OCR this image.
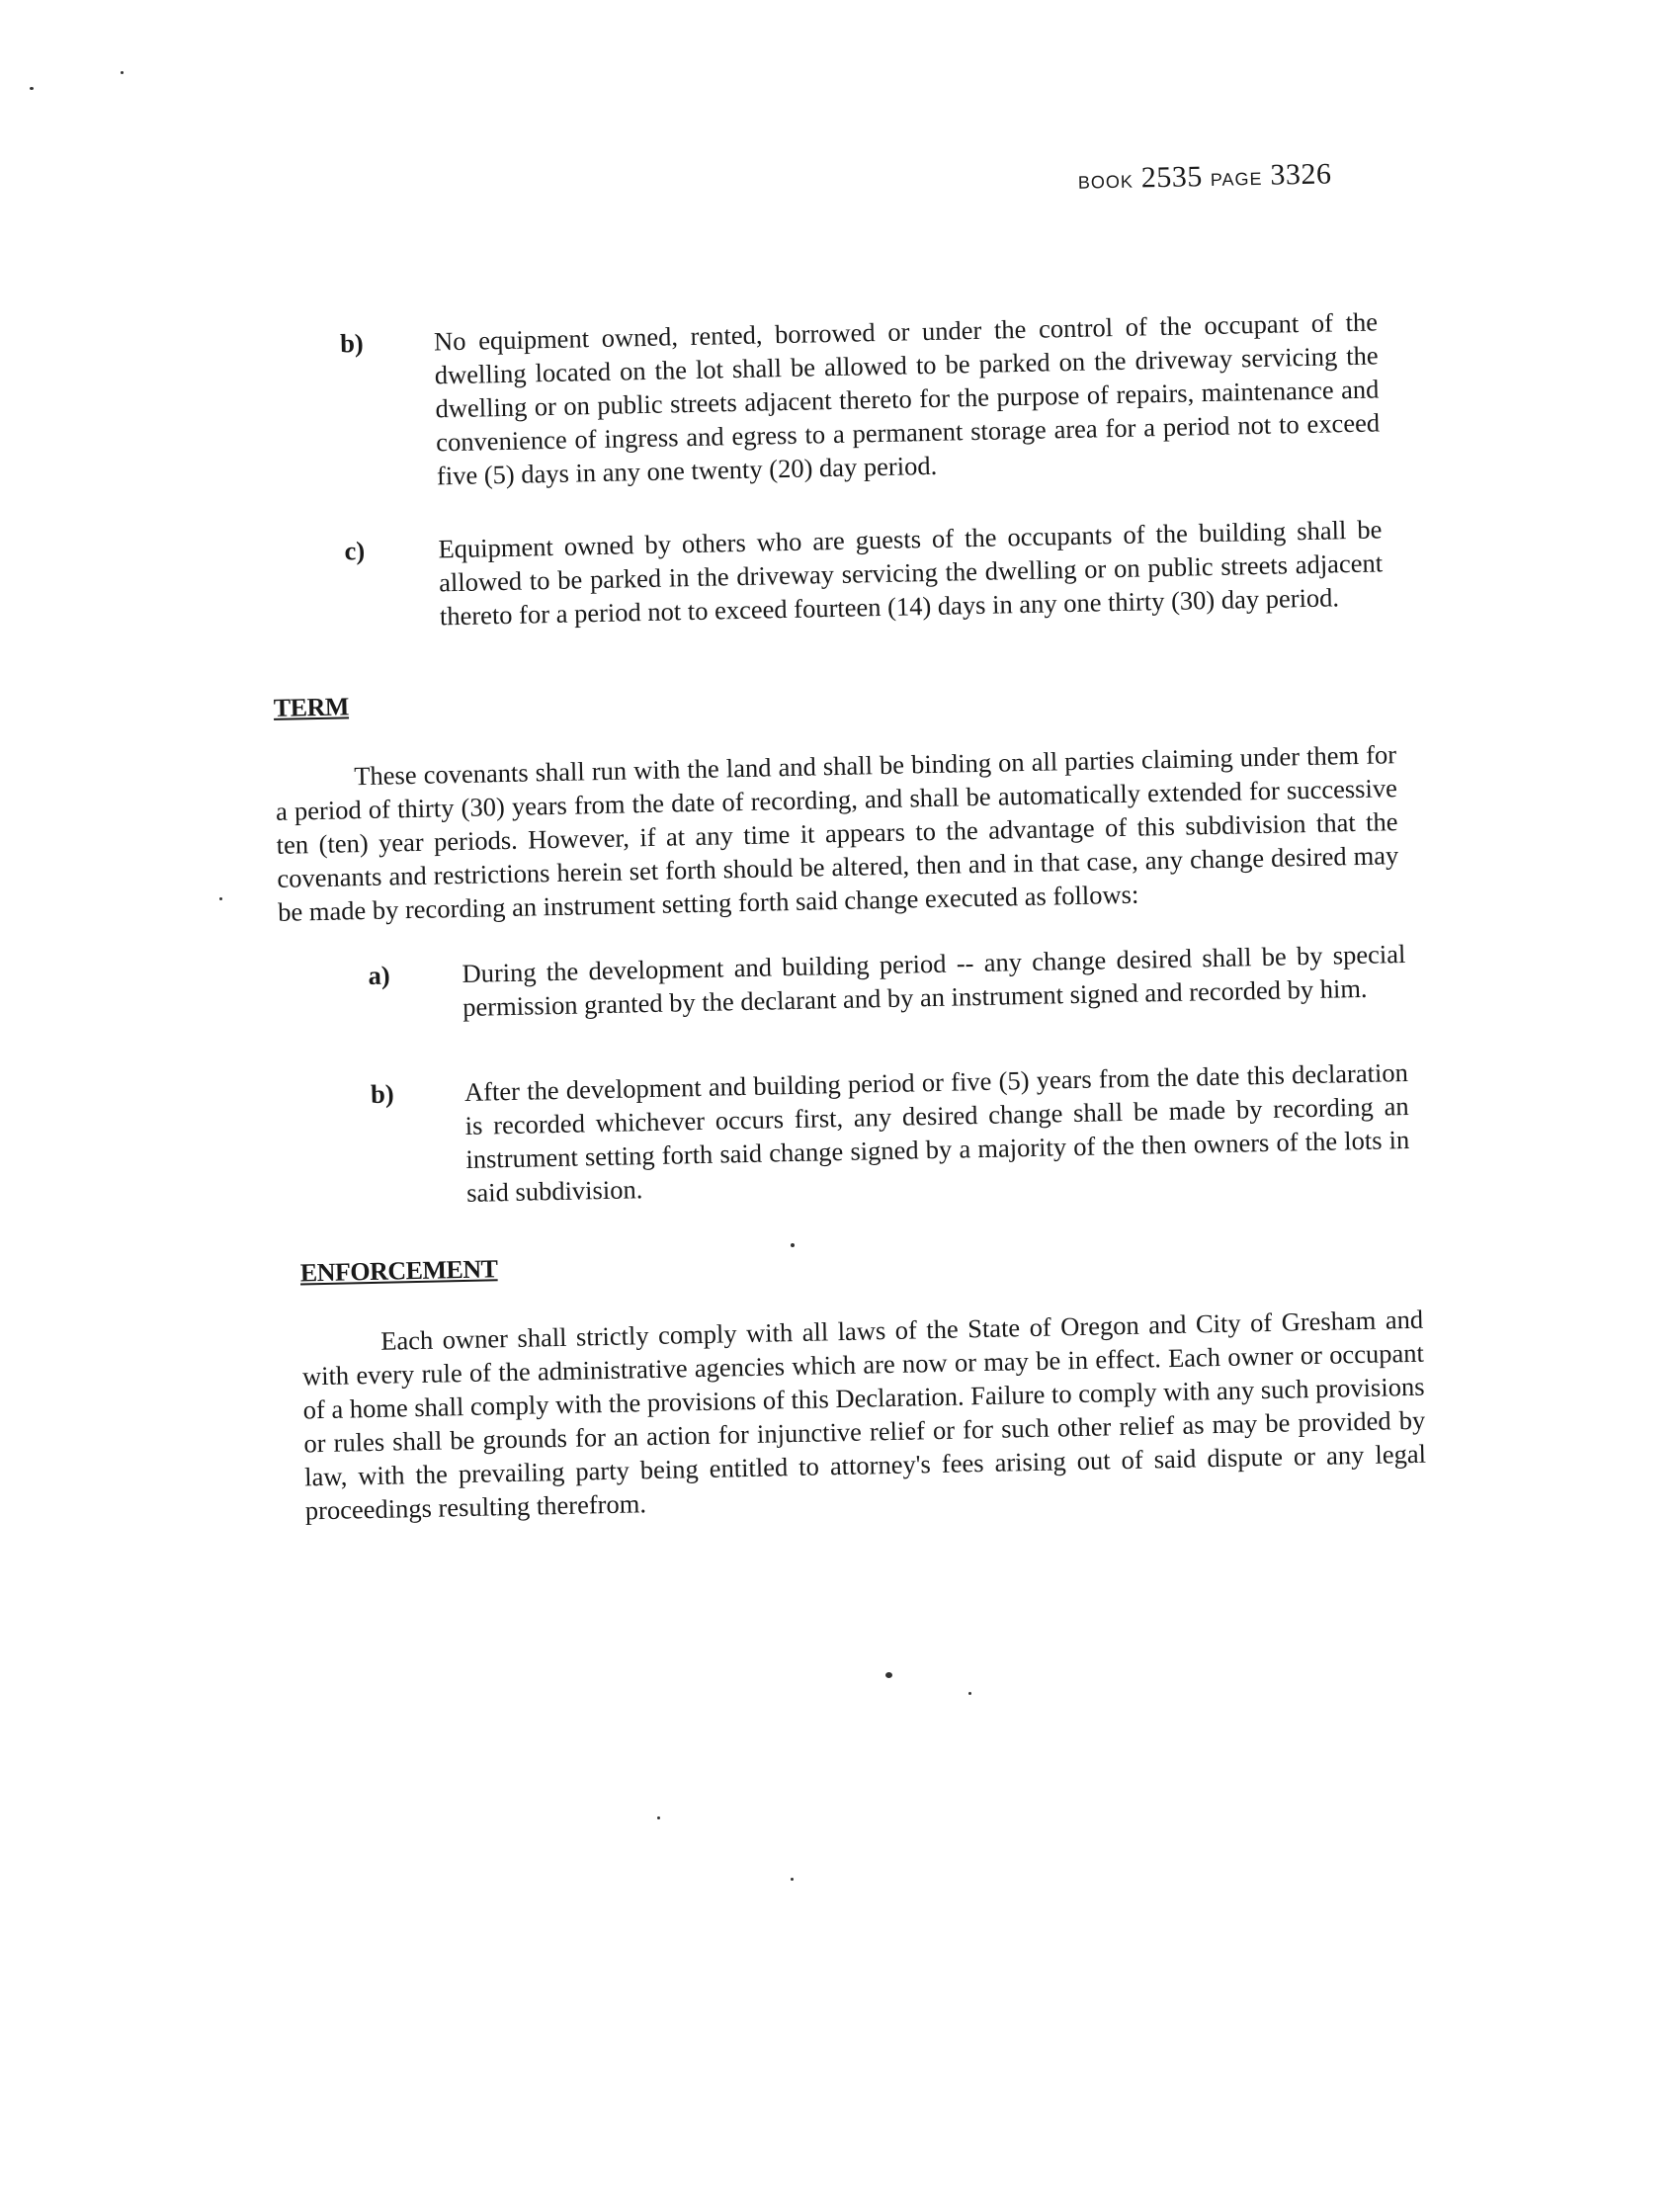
BOOK 2535 PAGE 3326
b)	No equipment owned, rented, borrowed or under the control of the occupant of the dwelling located on the lot shall be allowed to be parked on the driveway servicing the dwelling or on public streets adjacent thereto for the purpose of repairs, maintenance and convenience of ingress and egress to a permanent storage area for a period not to exceed five (5) days in any one twenty (20) day period.
c)	Equipment owned by others who are guests of the occupants of the building shall be allowed to be parked in the driveway servicing the dwelling or on public streets adjacent thereto for a period not to exceed fourteen (14) days in any one thirty (30) day period.
TERM
These covenants shall run with the land and shall be binding on all parties claiming under them for a period of thirty (30) years from the date of recording, and shall be automatically extended for successive ten (ten) year periods. However, if at any time it appears to the advantage of this subdivision that the covenants and restrictions herein set forth should be altered, then and in that case, any change desired may be made by recording an instrument setting forth said change executed as follows:
a)	During the development and building period -- any change desired shall be by special permission granted by the declarant and by an instrument signed and recorded by him.
b)	After the development and building period or five (5) years from the date this declaration is recorded whichever occurs first, any desired change shall be made by recording an instrument setting forth said change signed by a majority of the then owners of the lots in said subdivision.
ENFORCEMENT
Each owner shall strictly comply with all laws of the State of Oregon and City of Gresham and with every rule of the administrative agencies which are now or may be in effect. Each owner or occupant of a home shall comply with the provisions of this Declaration. Failure to comply with any such provisions or rules shall be grounds for an action for injunctive relief or for such other relief as may be provided by law, with the prevailing party being entitled to attorney's fees arising out of said dispute or any legal proceedings resulting therefrom.
